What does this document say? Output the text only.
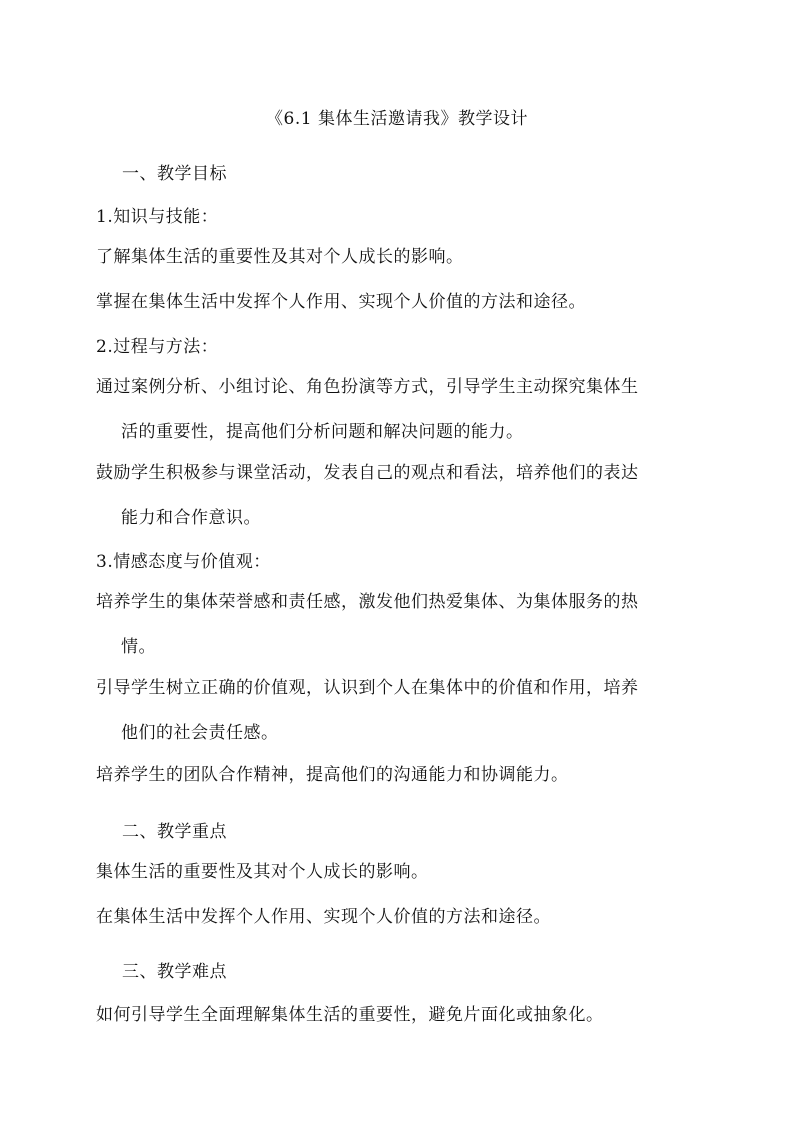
《6.1 集体生活邀请我》教学设计
一、教学目标
1.知识与技能：
了解集体生活的重要性及其对个人成长的影响。
掌握在集体生活中发挥个人作用、实现个人价值的方法和途径。
2.过程与方法：
通过案例分析、小组讨论、角色扮演等方式，引导学生主动探究集体生
活的重要性，提高他们分析问题和解决问题的能力。
鼓励学生积极参与课堂活动，发表自己的观点和看法，培养他们的表达
能力和合作意识。
3.情感态度与价值观：
培养学生的集体荣誉感和责任感，激发他们热爱集体、为集体服务的热
情。
引导学生树立正确的价值观，认识到个人在集体中的价值和作用，培养
他们的社会责任感。
培养学生的团队合作精神，提高他们的沟通能力和协调能力。
二、教学重点
集体生活的重要性及其对个人成长的影响。
在集体生活中发挥个人作用、实现个人价值的方法和途径。
三、教学难点
如何引导学生全面理解集体生活的重要性，避免片面化或抽象化。
